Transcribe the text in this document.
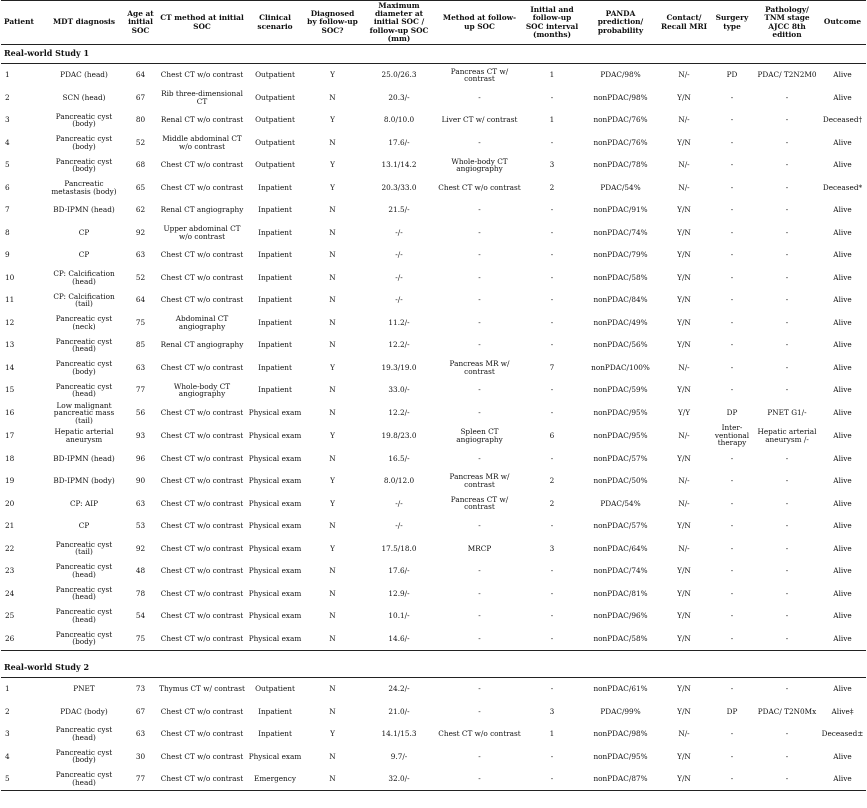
Patient	MDT diagnosis	Age at initial SOC	CT method at initial SOC	Clinical scenario	Diagnosed by follow-up SOC?	Maximum diameter at initial SOC / follow-up SOC (mm)	Method at follow-up SOC	Initial and follow-up SOC interval (months)	PANDA prediction/ probability	Contact/ Recall MRI	Surgery type	Pathology/ TNM stage AJCC 8th edition	Outcome
Real-world Study 1													
1	PDAC (head)	64	Chest CT w/o contrast	Outpatient	Y	25.0/26.3	Pancreas CT w/ contrast	1	PDAC/98%	N/-	PD	PDAC/ T2N2M0	Alive
2	SCN (head)	67	Rib three-dimensional CT	Outpatient	N	20.3/-	-	-	nonPDAC/98%	Y/N	-	-	Alive
3	Pancreatic cyst (body)	80	Renal CT w/o contrast	Outpatient	Y	8.0/10.0	Liver CT w/ contrast	1	nonPDAC/76%	N/-	-	-	Deceased†
4	Pancreatic cyst (body)	52	Middle abdominal CT w/o contrast	Outpatient	N	17.6/-	-	-	nonPDAC/76%	Y/N	-	-	Alive
5	Pancreatic cyst (body)	68	Chest CT w/o contrast	Outpatient	Y	13.1/14.2	Whole-body CT angiography	3	nonPDAC/78%	N/-	-	-	Alive
6	Pancreatic metastasis (body)	65	Chest CT w/o contrast	Inpatient	Y	20.3/33.0	Chest CT w/o contrast	2	PDAC/54%	N/-	-	-	Deceased*
7	BD-IPMN (head)	62	Renal CT angiography	Inpatient	N	21.5/-	-	-	nonPDAC/91%	Y/N	-	-	Alive
8	CP	92	Upper abdominal CT w/o contrast	Inpatient	N	-/-	-	-	nonPDAC/74%	Y/N	-	-	Alive
9	CP	63	Chest CT w/o contrast	Inpatient	N	-/-	-	-	nonPDAC/79%	Y/N	-	-	Alive
10	CP: Calcification (head)	52	Chest CT w/o contrast	Inpatient	N	-/-	-	-	nonPDAC/58%	Y/N	-	-	Alive
11	CP: Calcification (tail)	64	Chest CT w/o contrast	Inpatient	N	-/-	-	-	nonPDAC/84%	Y/N	-	-	Alive
12	Pancreatic cyst (neck)	75	Abdominal CT angiography	Inpatient	N	11.2/-	-	-	nonPDAC/49%	Y/N	-	-	Alive
13	Pancreatic cyst (head)	85	Renal CT angiography	Inpatient	N	12.2/-	-	-	nonPDAC/56%	Y/N	-	-	Alive
14	Pancreatic cyst (body)	63	Chest CT w/o contrast	Inpatient	Y	19.3/19.0	Pancreas MR w/ contrast	7	nonPDAC/100%	N/-	-	-	Alive
15	Pancreatic cyst (head)	77	Whole-body CT angiography	Inpatient	N	33.0/-	-	-	nonPDAC/59%	Y/N	-	-	Alive
16	Low malignant pancreatic mass (tail)	56	Chest CT w/o contrast	Physical exam	N	12.2/-	-	-	nonPDAC/95%	Y/Y	DP	PNET G1/-	Alive
17	Hepatic arterial aneurysm	93	Chest CT w/o contrast	Physical exam	Y	19.8/23.0	Spleen CT angiography	6	nonPDAC/95%	N/-	Inter-ventional therapy	Hepatic arterial aneurysm /-	Alive
18	BD-IPMN (head)	96	Chest CT w/o contrast	Physical exam	N	16.5/-	-	-	nonPDAC/57%	Y/N	-	-	Alive
19	BD-IPMN (body)	90	Chest CT w/o contrast	Physical exam	Y	8.0/12.0	Pancreas MR w/ contrast	2	nonPDAC/50%	N/-	-	-	Alive
20	CP: AIP	63	Chest CT w/o contrast	Physical exam	Y	-/-	Pancreas CT w/ contrast	2	PDAC/54%	N/-	-	-	Alive
21	CP	53	Chest CT w/o contrast	Physical exam	N	-/-	-	-	nonPDAC/57%	Y/N	-	-	Alive
22	Pancreatic cyst (tail)	92	Chest CT w/o contrast	Physical exam	Y	17.5/18.0	MRCP	3	nonPDAC/64%	N/-	-	-	Alive
23	Pancreatic cyst (head)	48	Chest CT w/o contrast	Physical exam	N	17.6/-	-	-	nonPDAC/74%	Y/N	-	-	Alive
24	Pancreatic cyst (head)	78	Chest CT w/o contrast	Physical exam	N	12.9/-	-	-	nonPDAC/81%	Y/N	-	-	Alive
25	Pancreatic cyst (head)	54	Chest CT w/o contrast	Physical exam	N	10.1/-	-	-	nonPDAC/96%	Y/N	-	-	Alive
26	Pancreatic cyst (body)	75	Chest CT w/o contrast	Physical exam	N	14.6/-	-	-	nonPDAC/58%	Y/N	-	-	Alive

Real-world Study 2													
1	PNET	73	Thymus CT w/ contrast	Outpatient	N	24.2/-	-	-	nonPDAC/61%	Y/N	-	-	Alive
2	PDAC (body)	67	Chest CT w/o contrast	Inpatient	N	21.0/-	-	3	PDAC/99%	Y/N	DP	PDAC/ T2N0Mx	Alive‡
3	Pancreatic cyst (head)	63	Chest CT w/o contrast	Inpatient	Y	14.1/15.3	Chest CT w/o contrast	1	nonPDAC/98%	N/-	-	-	Deceased±
4	Pancreatic cyst (body)	30	Chest CT w/o contrast	Physical exam	N	9.7/-	-	-	nonPDAC/95%	Y/N	-	-	Alive
5	Pancreatic cyst (head)	77	Chest CT w/o contrast	Emergency	N	32.0/-	-	-	nonPDAC/87%	Y/N	-	-	Alive
